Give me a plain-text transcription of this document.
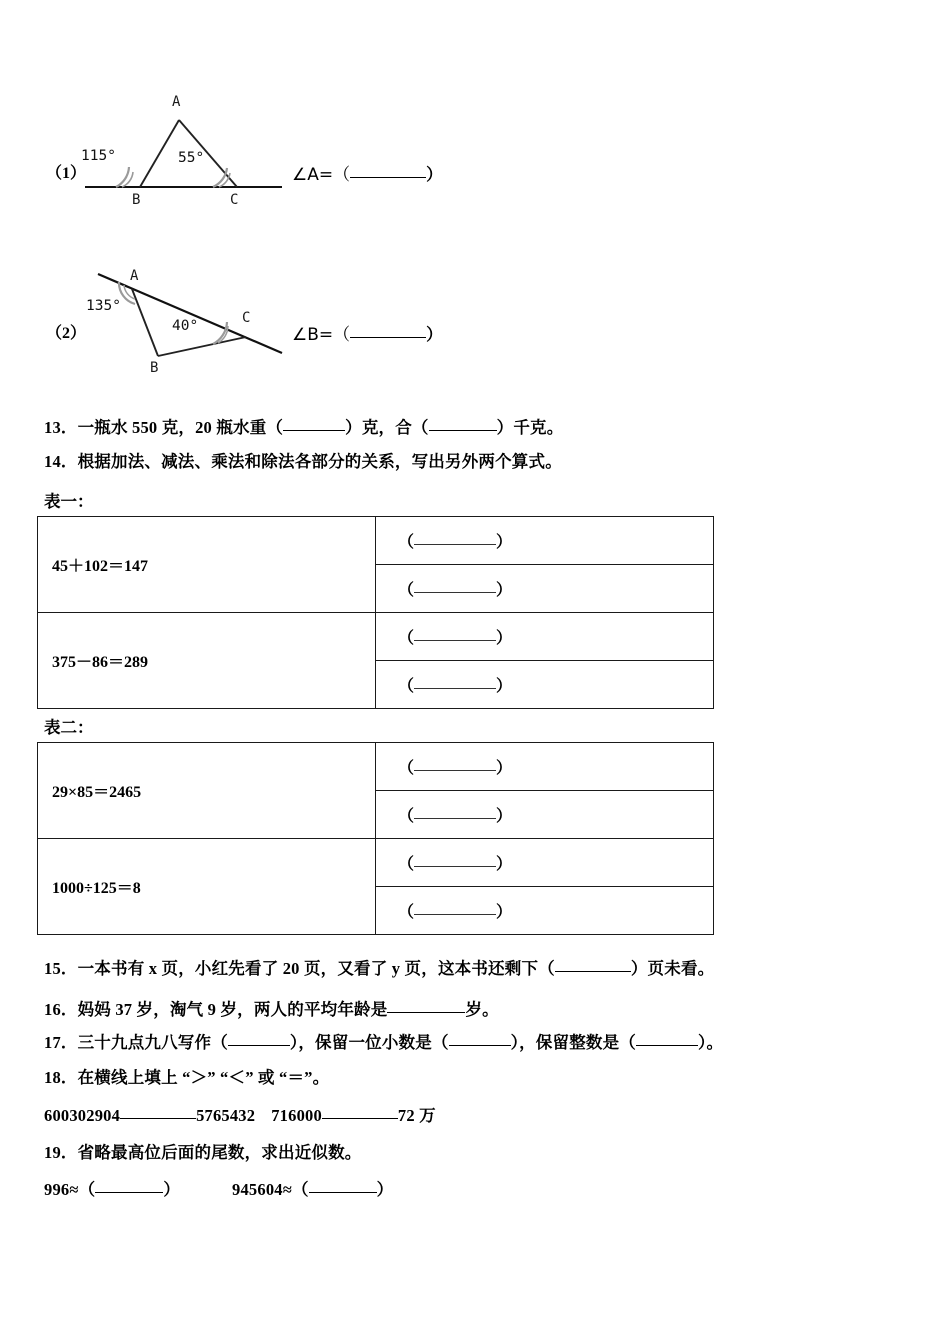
（1）
A
B	C
115°	55°
∠A=（	）
（2）
A
B
C
135°
40°	∠B=（	）
13．一瓶水 550 克，20 瓶水重（	）克，合（	）千克。
14．根据加法、减法、乘法和除法各部分的关系，写出另外两个算式。
表一：
45＋102＝147	（ ）
	（ ）
375－86＝289	（ ）
	（ ）
表二：
29×85＝2465	（ ）
	（ ）
1000÷125＝8	（ ）
	（ ）
15．一本书有 x 页，小红先看了 20 页，又看了 y 页，这本书还剩下（	）页未看。
16．妈妈 37 岁，淘气 9 岁，两人的平均年龄是	岁。
17．三十九点九八写作（	），保留一位小数是（	），保留整数是（	）。
18．在横线上填上 “＞” “＜” 或 “＝”。
600302904	5765432 716000	72 万
19．省略最高位后面的尾数，求出近似数。
996≈（	）	945604≈（	）
